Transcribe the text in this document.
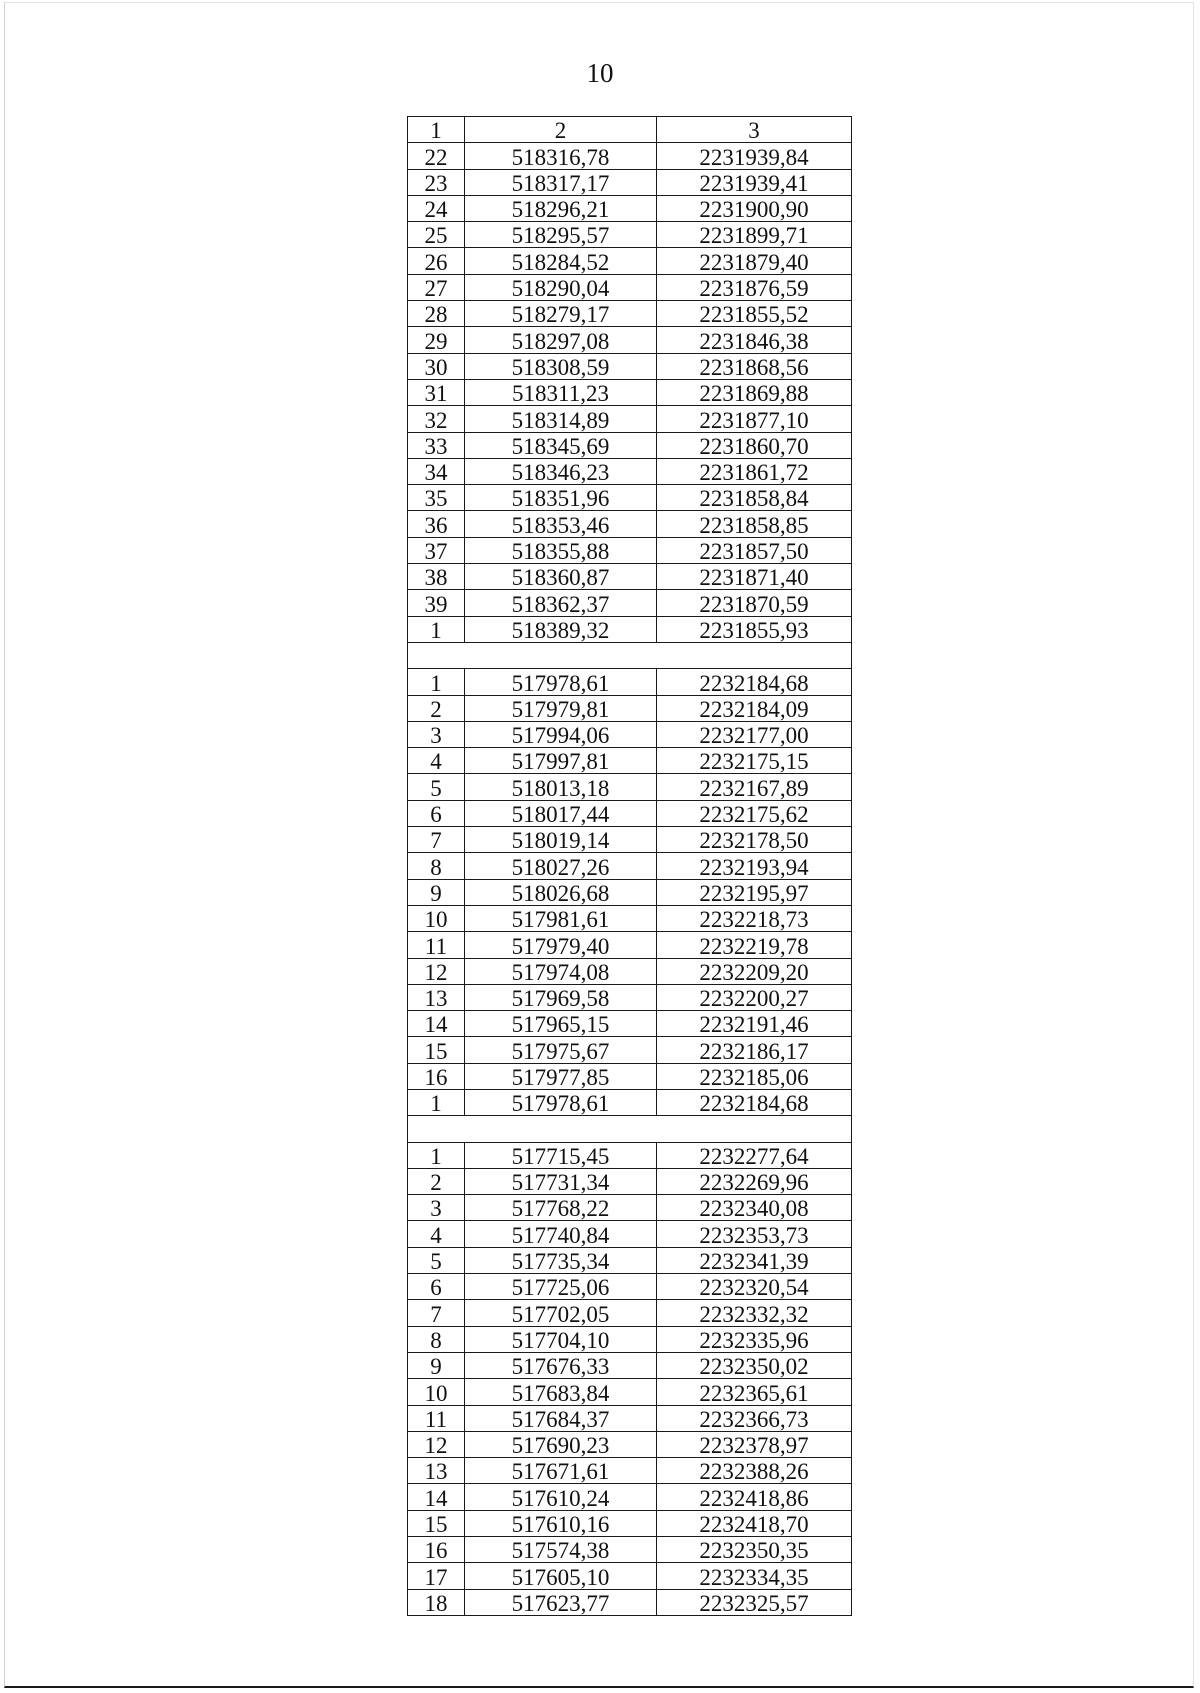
10
1	2	3
22	518316,78	2231939,84
23	518317,17	2231939,41
24	518296,21	2231900,90
25	518295,57	2231899,71
26	518284,52	2231879,40
27	518290,04	2231876,59
28	518279,17	2231855,52
29	518297,08	2231846,38
30	518308,59	2231868,56
31	518311,23	2231869,88
32	518314,89	2231877,10
33	518345,69	2231860,70
34	518346,23	2231861,72
35	518351,96	2231858,84
36	518353,46	2231858,85
37	518355,88	2231857,50
38	518360,87	2231871,40
39	518362,37	2231870,59
1	518389,32	2231855,93

1	517978,61	2232184,68
2	517979,81	2232184,09
3	517994,06	2232177,00
4	517997,81	2232175,15
5	518013,18	2232167,89
6	518017,44	2232175,62
7	518019,14	2232178,50
8	518027,26	2232193,94
9	518026,68	2232195,97
10	517981,61	2232218,73
11	517979,40	2232219,78
12	517974,08	2232209,20
13	517969,58	2232200,27
14	517965,15	2232191,46
15	517975,67	2232186,17
16	517977,85	2232185,06
1	517978,61	2232184,68

1	517715,45	2232277,64
2	517731,34	2232269,96
3	517768,22	2232340,08
4	517740,84	2232353,73
5	517735,34	2232341,39
6	517725,06	2232320,54
7	517702,05	2232332,32
8	517704,10	2232335,96
9	517676,33	2232350,02
10	517683,84	2232365,61
11	517684,37	2232366,73
12	517690,23	2232378,97
13	517671,61	2232388,26
14	517610,24	2232418,86
15	517610,16	2232418,70
16	517574,38	2232350,35
17	517605,10	2232334,35
18	517623,77	2232325,57
